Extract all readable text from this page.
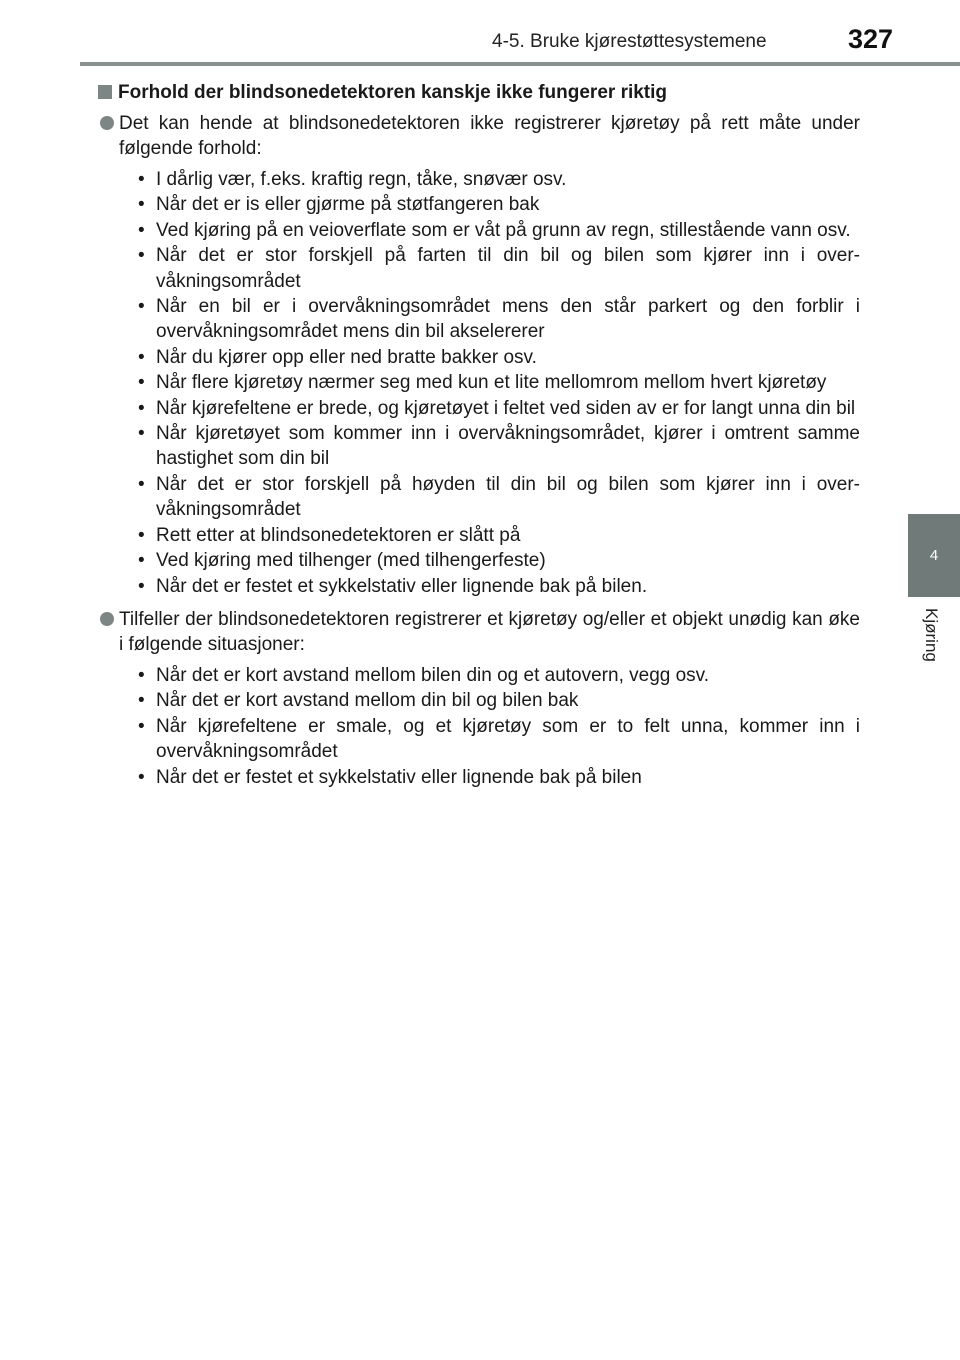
4-5. Bruke kjørestøttesystemene	327
4
Kjøring
Forhold der blindsonedetektoren kanskje ikke fungerer riktig
Det kan hende at blindsonedetektoren ikke registrerer kjøretøy på rett måte under følgende forhold:
• I dårlig vær, f.eks. kraftig regn, tåke, snøvær osv.
• Når det er is eller gjørme på støtfangeren bak
• Ved kjøring på en veioverflate som er våt på grunn av regn, stillestående vann osv.
• Når det er stor forskjell på farten til din bil og bilen som kjører inn i over-våkningsområdet
• Når en bil er i overvåkningsområdet mens den står parkert og den forblir i overvåkningsområdet mens din bil akselererer
• Når du kjører opp eller ned bratte bakker osv.
• Når flere kjøretøy nærmer seg med kun et lite mellomrom mellom hvert kjøretøy
• Når kjørefeltene er brede, og kjøretøyet i feltet ved siden av er for langt unna din bil
• Når kjøretøyet som kommer inn i overvåkningsområdet, kjører i omtrent samme hastighet som din bil
• Når det er stor forskjell på høyden til din bil og bilen som kjører inn i over-våkningsområdet
• Rett etter at blindsonedetektoren er slått på
• Ved kjøring med tilhenger (med tilhengerfeste)
• Når det er festet et sykkelstativ eller lignende bak på bilen.
Tilfeller der blindsonedetektoren registrerer et kjøretøy og/eller et objekt unødig kan øke i følgende situasjoner:
• Når det er kort avstand mellom bilen din og et autovern, vegg osv.
• Når det er kort avstand mellom din bil og bilen bak
• Når kjørefeltene er smale, og et kjøretøy som er to felt unna, kommer inn i overvåkningsområdet
• Når det er festet et sykkelstativ eller lignende bak på bilen
